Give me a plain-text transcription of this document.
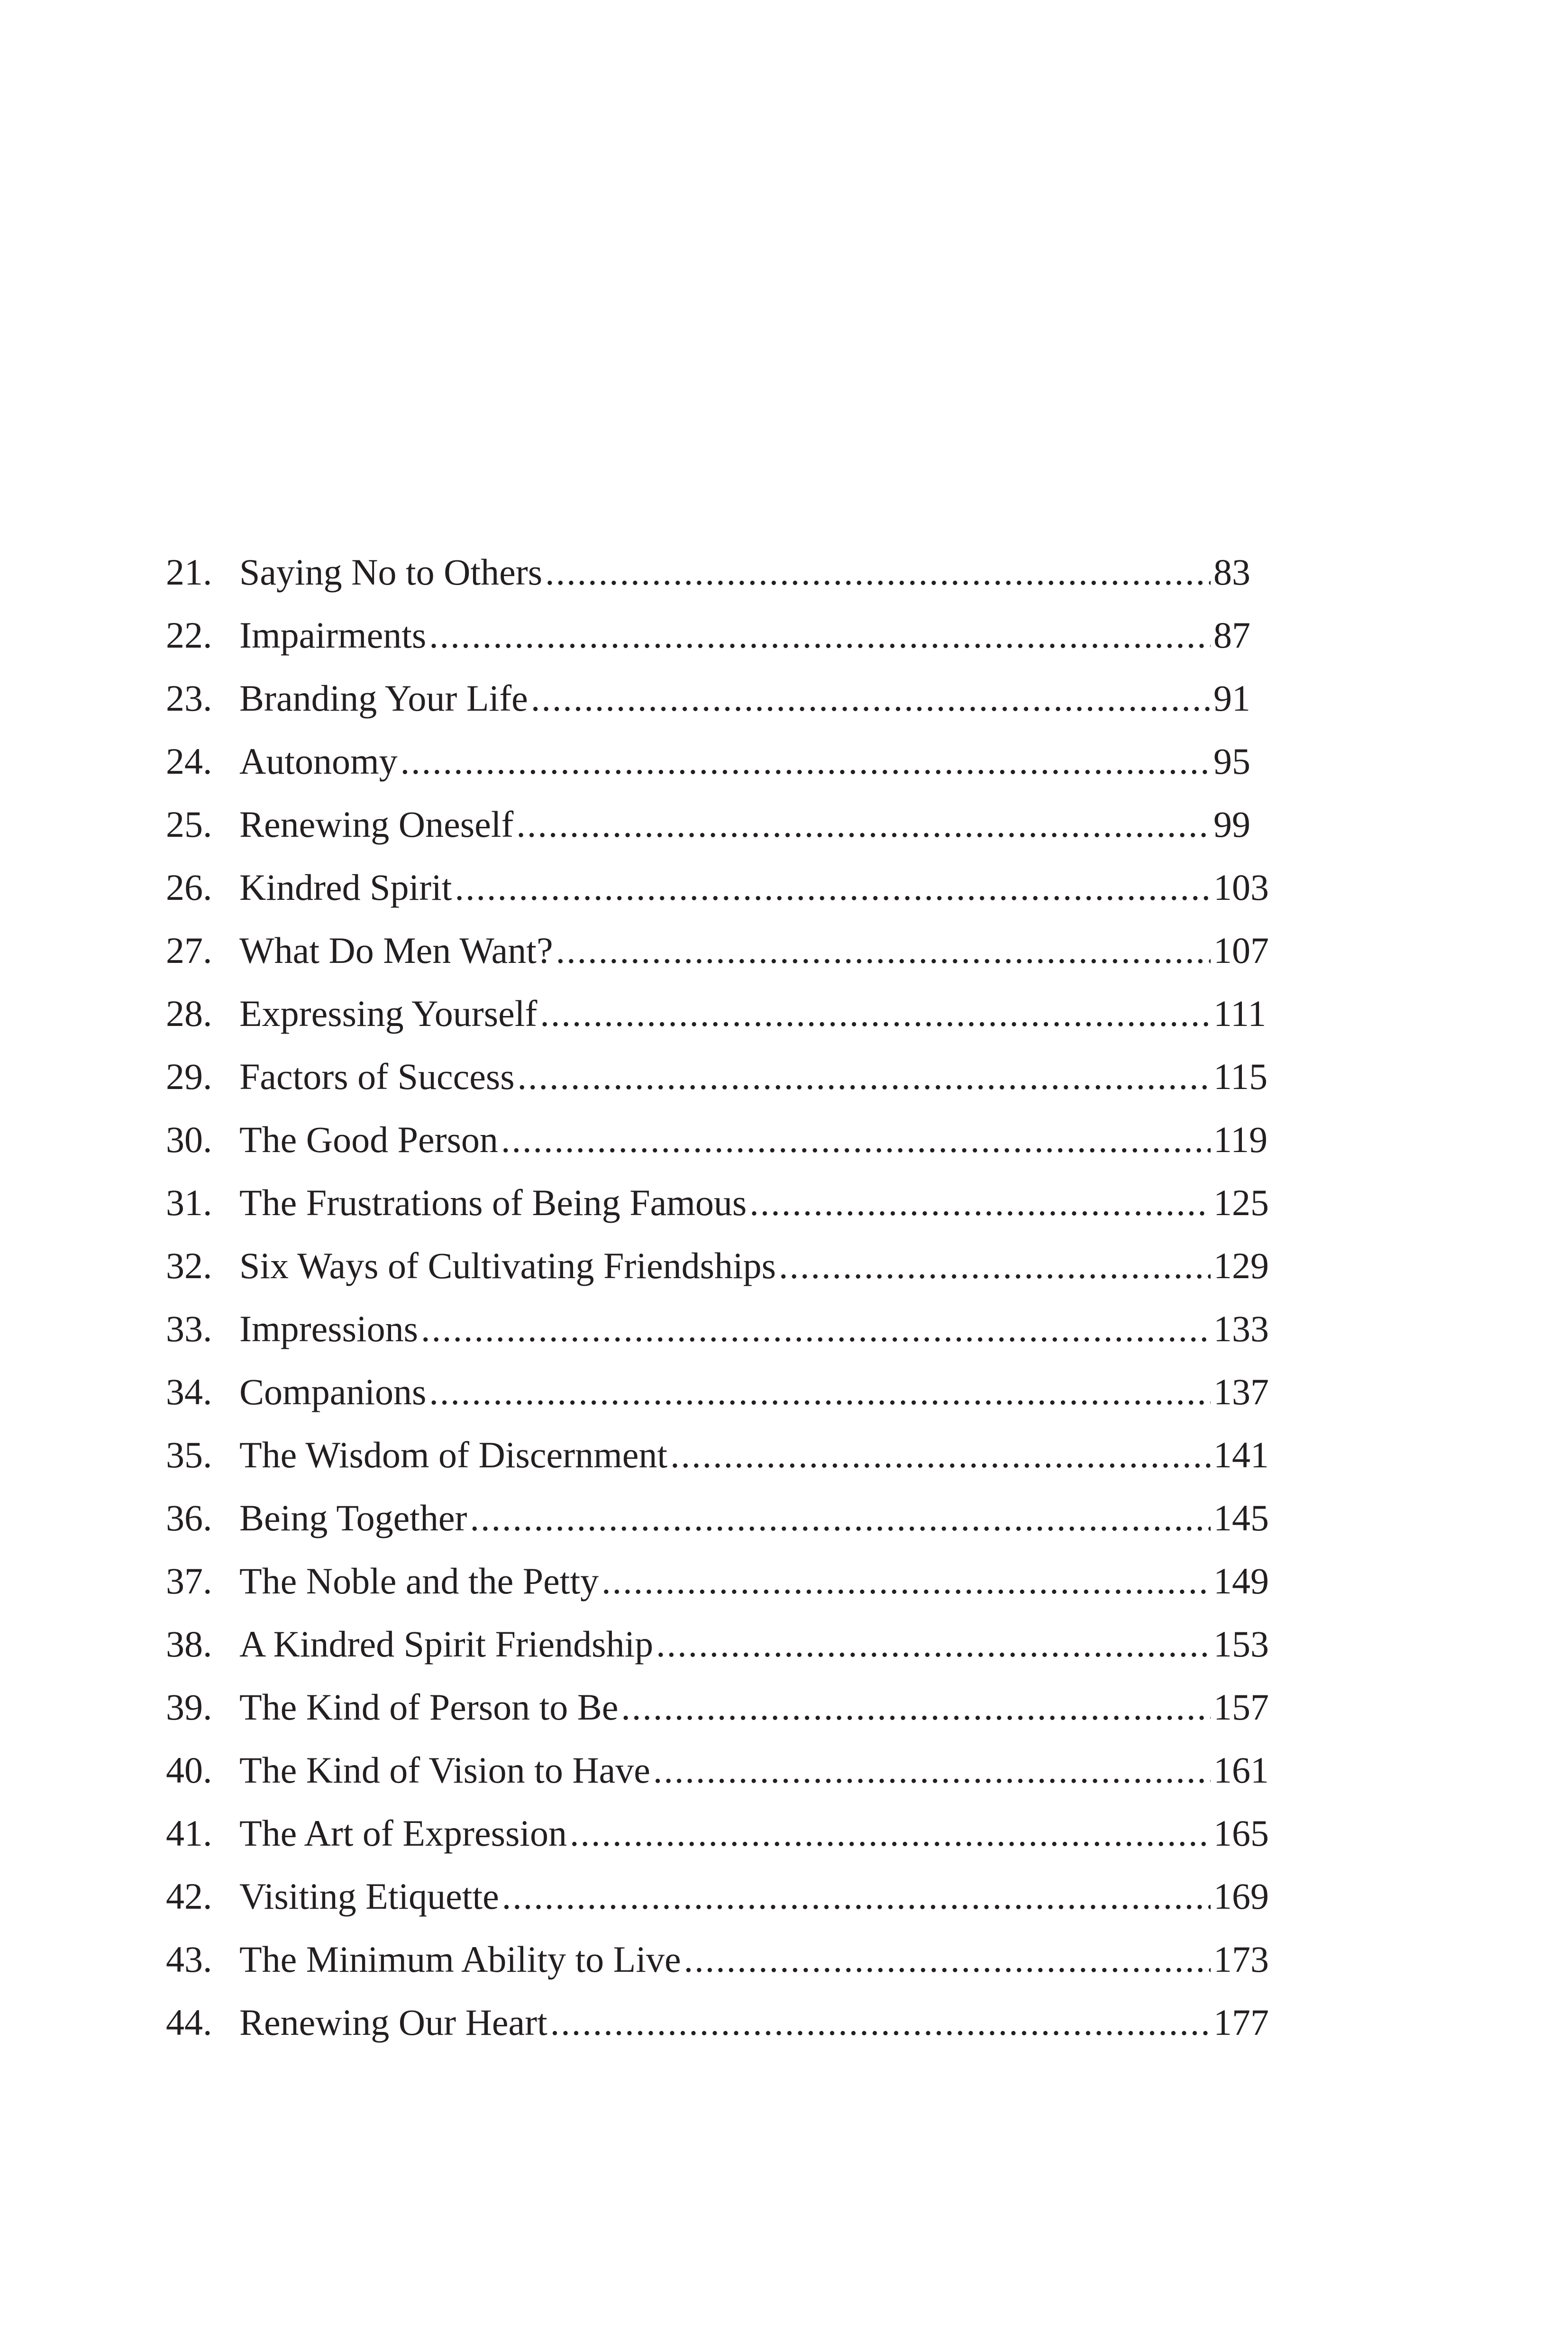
21. Saying No to Others .....	83
22. Impairments .....	87
23. Branding Your Life .....	91
24. Autonomy .....	95
25. Renewing Oneself .....	99
26. Kindred Spirit .....	103
27. What Do Men Want? .....	107
28. Expressing Yourself .....	111
29. Factors of Success .....	115
30. The Good Person .....	119
31. The Frustrations of Being Famous .....	125
32. Six Ways of Cultivating Friendships .....	129
33. Impressions .....	133
34. Companions .....	137
35. The Wisdom of Discernment .....	141
36. Being Together .....	145
37. The Noble and the Petty .....	149
38. A Kindred Spirit Friendship .....	153
39. The Kind of Person to Be .....	157
40. The Kind of Vision to Have .....	161
41. The Art of Expression .....	165
42. Visiting Etiquette .....	169
43. The Minimum Ability to Live .....	173
44. Renewing Our Heart .....	177
